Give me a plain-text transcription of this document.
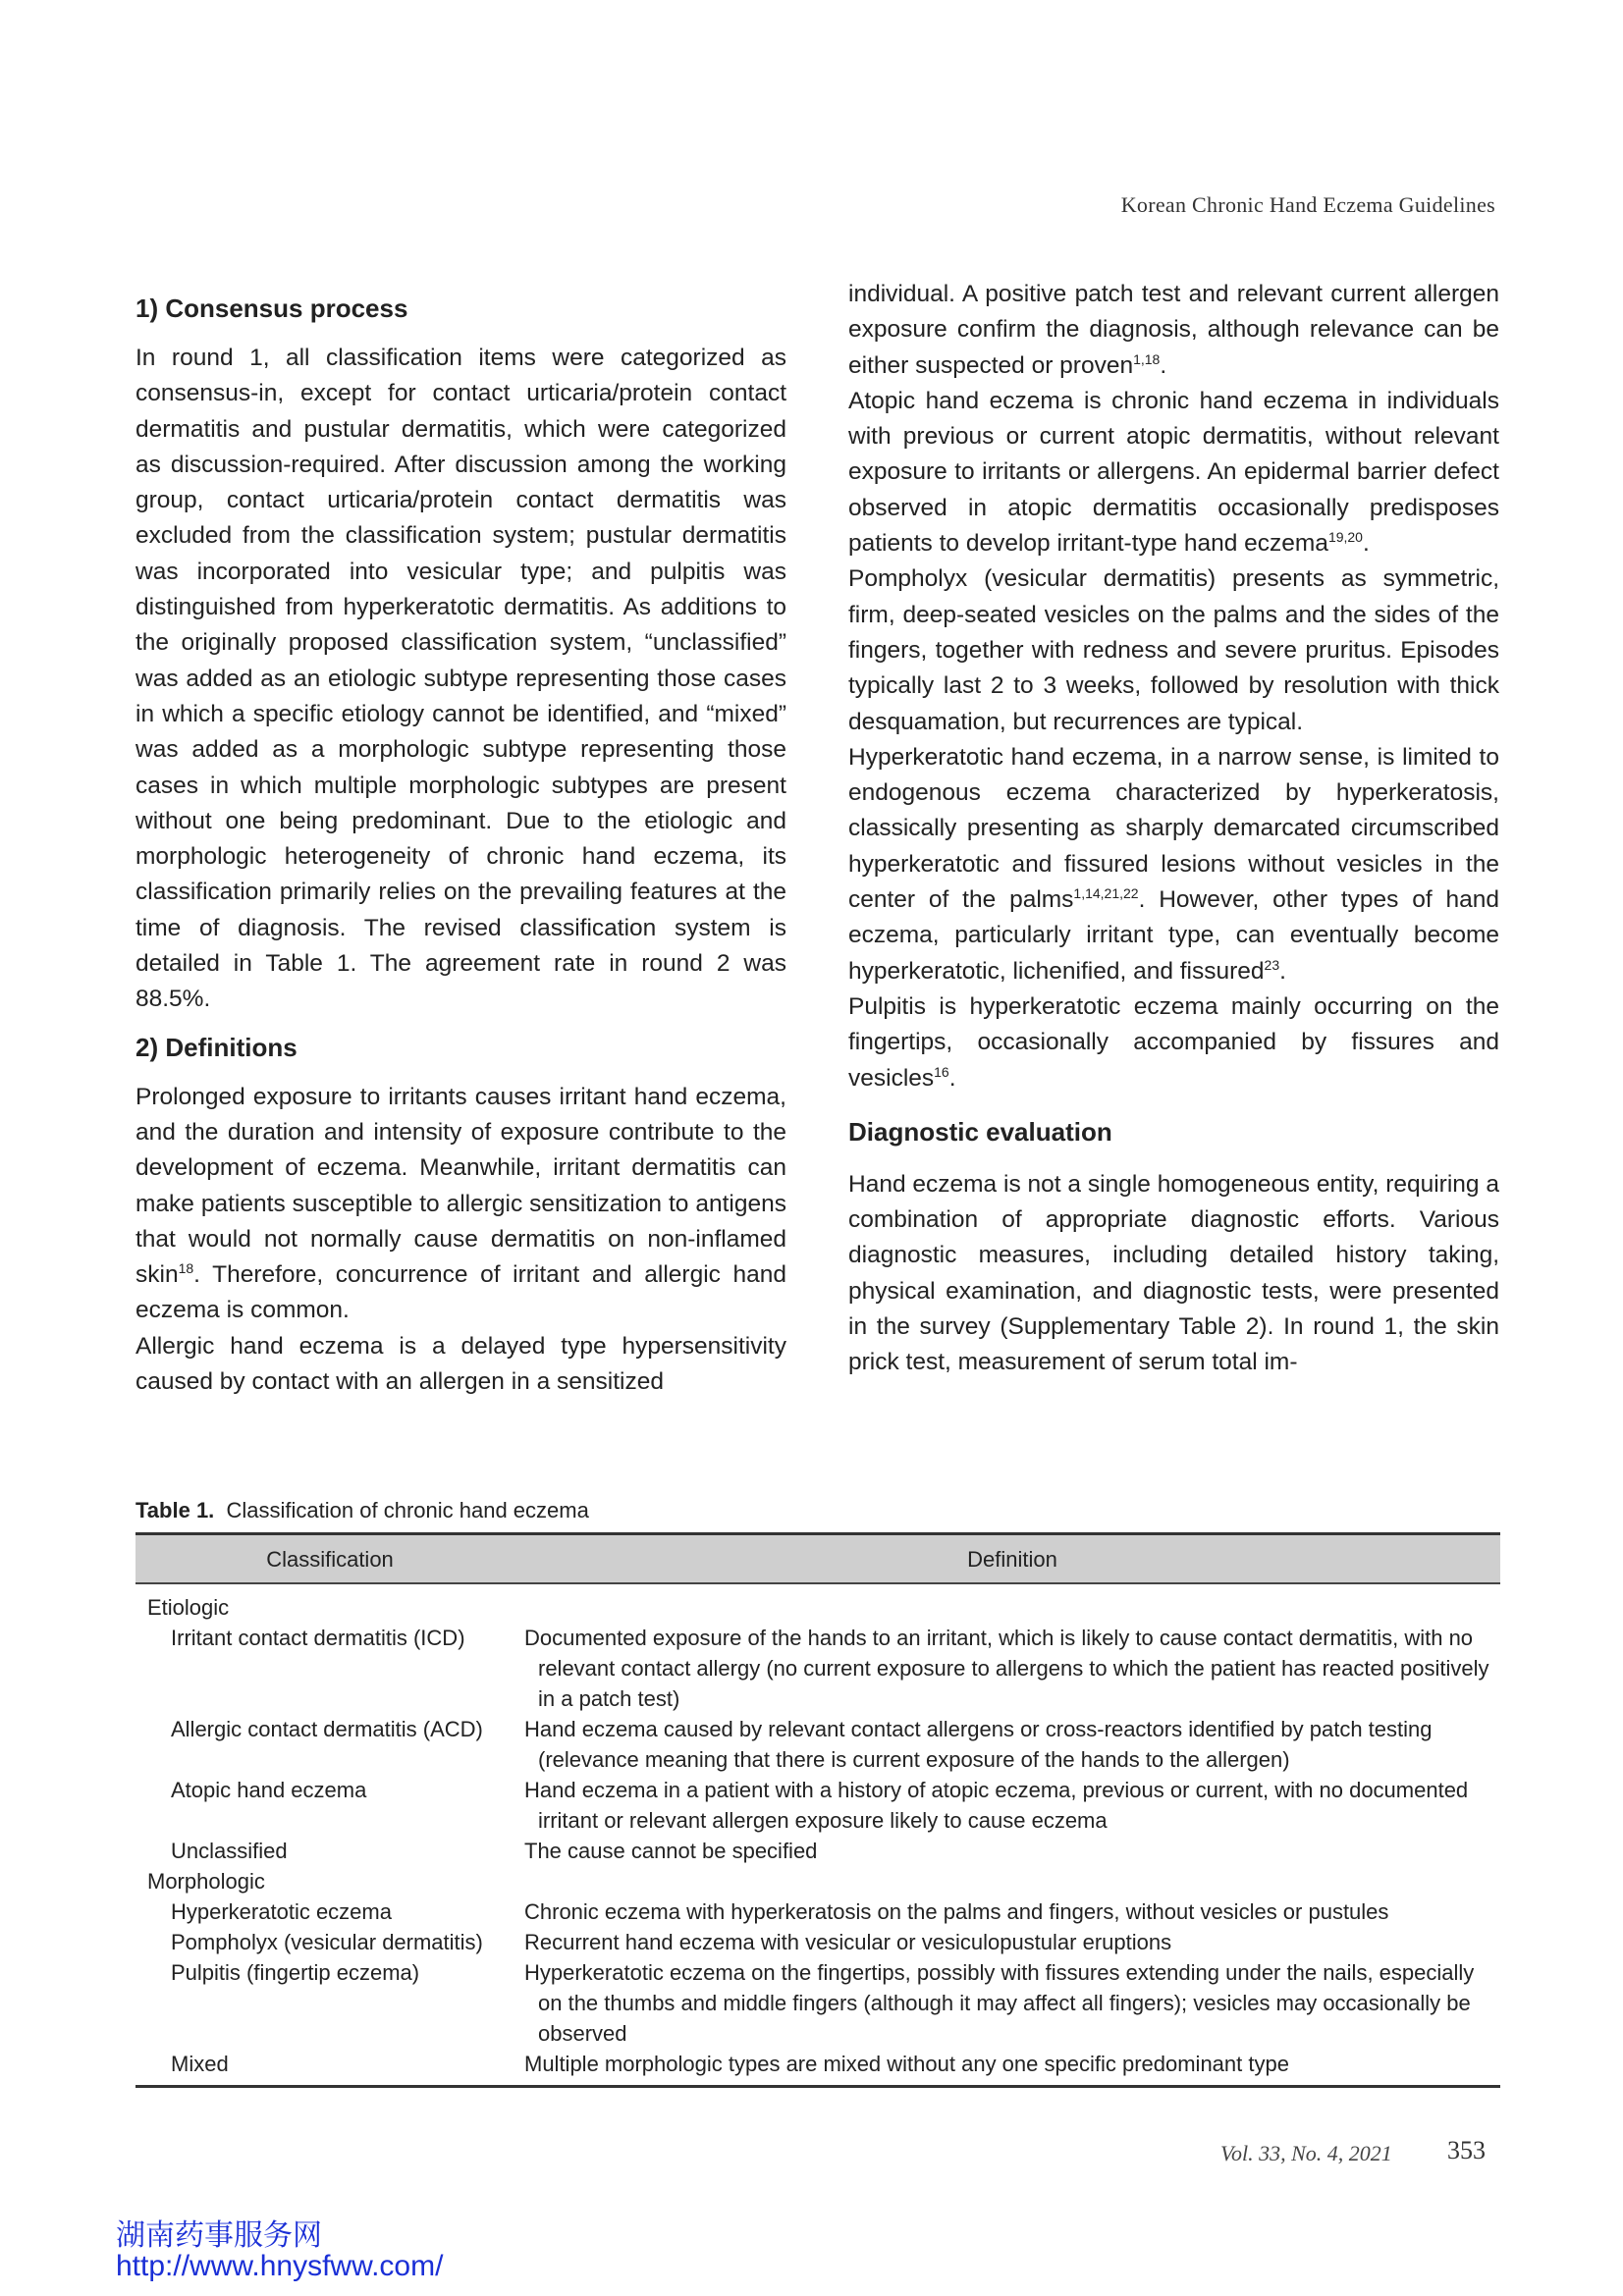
Korean Chronic Hand Eczema Guidelines
1) Consensus process

In round 1, all classification items were categorized as consensus-in, except for contact urticaria/protein contact dermatitis and pustular dermatitis, which were categorized as discussion-required. After discussion among the working group, contact urticaria/protein contact dermatitis was excluded from the classification system; pustular dermatitis was incorporated into vesicular type; and pulpitis was distinguished from hyperkeratotic dermatitis. As additions to the originally proposed classification system, “unclassified” was added as an etiologic subtype representing those cases in which a specific etiology cannot be identified, and “mixed” was added as a morphologic subtype representing those cases in which multiple morphologic subtypes are present without one being predominant. Due to the etiologic and morphologic heterogeneity of chronic hand eczema, its classification primarily relies on the prevailing features at the time of diagnosis. The revised classification system is detailed in Table 1. The agreement rate in round 2 was 88.5%.

2) Definitions

Prolonged exposure to irritants causes irritant hand eczema, and the duration and intensity of exposure contribute to the development of eczema. Meanwhile, irritant dermatitis can make patients susceptible to allergic sensitization to antigens that would not normally cause dermatitis on non-inflamed skin$^{18}$. Therefore, concurrence of irritant and allergic hand eczema is common.

Allergic hand eczema is a delayed type hypersensitivity caused by contact with an allergen in a sensitized

individual. A positive patch test and relevant current allergen exposure confirm the diagnosis, although relevance can be either suspected or proven$^{1,18}$.

Atopic hand eczema is chronic hand eczema in individuals with previous or current atopic dermatitis, without relevant exposure to irritants or allergens. An epidermal barrier defect observed in atopic dermatitis occasionally predisposes patients to develop irritant-type hand eczema$^{19,20}$.

Pompholyx (vesicular dermatitis) presents as symmetric, firm, deep-seated vesicles on the palms and the sides of the fingers, together with redness and severe pruritus. Episodes typically last 2 to 3 weeks, followed by resolution with thick desquamation, but recurrences are typical.

Hyperkeratotic hand eczema, in a narrow sense, is limited to endogenous eczema characterized by hyperkeratosis, classically presenting as sharply demarcated circumscribed hyperkeratotic and fissured lesions without vesicles in the center of the palms$^{1,14,21,22}$. However, other types of hand eczema, particularly irritant type, can eventually become hyperkeratotic, lichenified, and fissured$^{23}$.

Pulpitis is hyperkeratotic eczema mainly occurring on the fingertips, occasionally accompanied by fissures and vesicles$^{16}$.

Diagnostic evaluation

Hand eczema is not a single homogeneous entity, requiring a combination of appropriate diagnostic efforts. Various diagnostic measures, including detailed history taking, physical examination, and diagnostic tests, were presented in the survey (Supplementary Table 2). In round 1, the skin prick test, measurement of serum total im-

Table 1. Classification of chronic hand eczema
Classification	Definition
Etiologic	
Irritant contact dermatitis (ICD)	Documented exposure of the hands to an irritant, which is likely to cause contact dermatitis, with no relevant contact allergy (no current exposure to allergens to which the patient has reacted positively in a patch test)

Allergic contact dermatitis (ACD)	Hand eczema caused by relevant contact allergens or cross-reactors identified by patch testing (relevance meaning that there is current exposure of the hands to the allergen)

Atopic hand eczema	Hand eczema in a patient with a history of atopic eczema, previous or current, with no documented irritant or relevant allergen exposure likely to cause eczema

Unclassified	The cause cannot be specified

Morphologic	
Hyperkeratotic eczema	Chronic eczema with hyperkeratosis on the palms and fingers, without vesicles or pustules

Pompholyx (vesicular dermatitis)	Recurrent hand eczema with vesicular or vesiculopustular eruptions

Pulpitis (fingertip eczema)	Hyperkeratotic eczema on the fingertips, possibly with fissures extending under the nails, especially on the thumbs and middle fingers (although it may affect all fingers); vesicles may occasionally be observed

Mixed	Multiple morphologic types are mixed without any one specific predominant type
Vol. 33, No. 4, 2021 353
湖南药事服务网
http://www.hnysfww.com/
